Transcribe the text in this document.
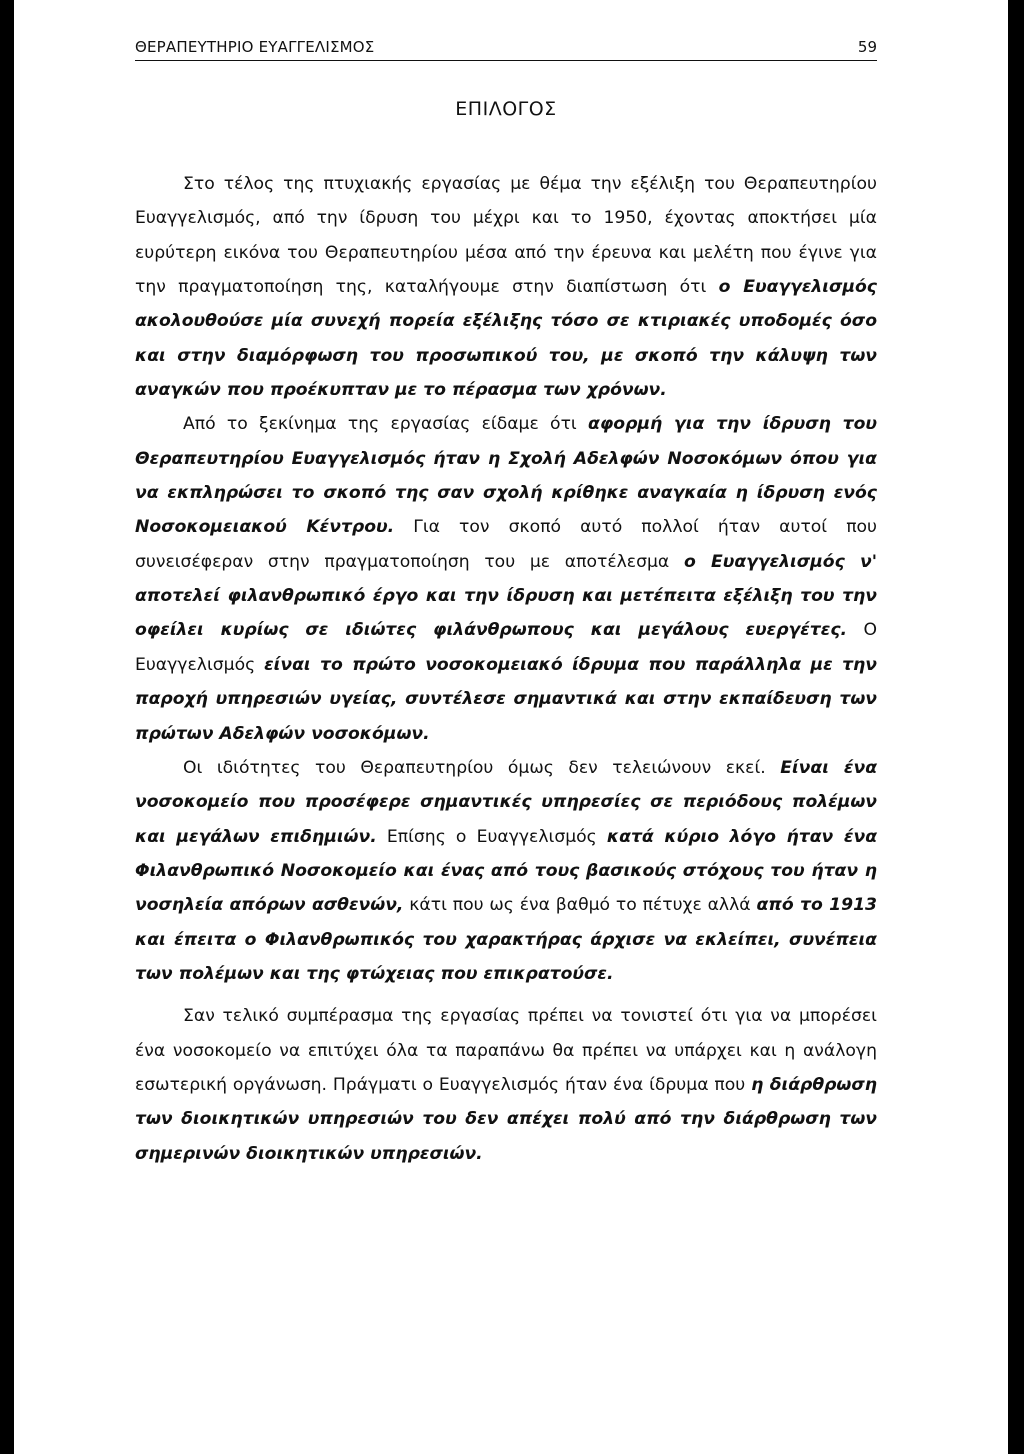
ΘΕΡΑΠΕΥΤΗΡΙΟ ΕΥΑΓΓΕΛΙΣΜΟΣ	59
ΕΠΙΛΟΓΟΣ

Στο τέλος της πτυχιακής εργασίας με θέμα την εξέλιξη του Θεραπευτηρίου Ευαγγελισμός, από την ίδρυση του μέχρι και το 1950, έχοντας αποκτήσει μία ευρύτερη εικόνα του Θεραπευτηρίου μέσα από την έρευνα και μελέτη που έγινε για την πραγματοποίηση της, καταλήγουμε στην διαπίστωση ότι ο Ευαγγελισμός ακολουθούσε μία συνεχή πορεία εξέλιξης τόσο σε κτιριακές υποδομές όσο και στην διαμόρφωση του προσωπικού του, με σκοπό την κάλυψη των αναγκών που προέκυπταν με το πέρασμα των χρόνων.

Από το ξεκίνημα της εργασίας είδαμε ότι αφορμή για την ίδρυση του Θεραπευτηρίου Ευαγγελισμός ήταν η Σχολή Αδελφών Νοσοκόμων όπου για να εκπληρώσει το σκοπό της σαν σχολή κρίθηκε αναγκαία η ίδρυση ενός Νοσοκομειακού Κέντρου. Για τον σκοπό αυτό πολλοί ήταν αυτοί που συνεισέφεραν στην πραγματοποίηση του με αποτέλεσμα ο Ευαγγελισμός ν' αποτελεί φιλανθρωπικό έργο και την ίδρυση και μετέπειτα εξέλιξη του την οφείλει κυρίως σε ιδιώτες φιλάνθρωπους και μεγάλους ευεργέτες. Ο Ευαγγελισμός είναι το πρώτο νοσοκομειακό ίδρυμα που παράλληλα με την παροχή υπηρεσιών υγείας, συντέλεσε σημαντικά και στην εκπαίδευση των πρώτων Αδελφών νοσοκόμων.

Οι ιδιότητες του Θεραπευτηρίου όμως δεν τελειώνουν εκεί. Είναι ένα νοσοκομείο που προσέφερε σημαντικές υπηρεσίες σε περιόδους πολέμων και μεγάλων επιδημιών. Επίσης ο Ευαγγελισμός κατά κύριο λόγο ήταν ένα Φιλανθρωπικό Νοσοκομείο και ένας από τους βασικούς στόχους του ήταν η νοσηλεία απόρων ασθενών, κάτι που ως ένα βαθμό το πέτυχε αλλά από το 1913 και έπειτα ο Φιλανθρωπικός του χαρακτήρας άρχισε να εκλείπει, συνέπεια των πολέμων και της φτώχειας που επικρατούσε.

Σαν τελικό συμπέρασμα της εργασίας πρέπει να τονιστεί ότι για να μπορέσει ένα νοσοκομείο να επιτύχει όλα τα παραπάνω θα πρέπει να υπάρχει και η ανάλογη εσωτερική οργάνωση. Πράγματι ο Ευαγγελισμός ήταν ένα ίδρυμα που η διάρθρωση των διοικητικών υπηρεσιών του δεν απέχει πολύ από την διάρθρωση των σημερινών διοικητικών υπηρεσιών.
